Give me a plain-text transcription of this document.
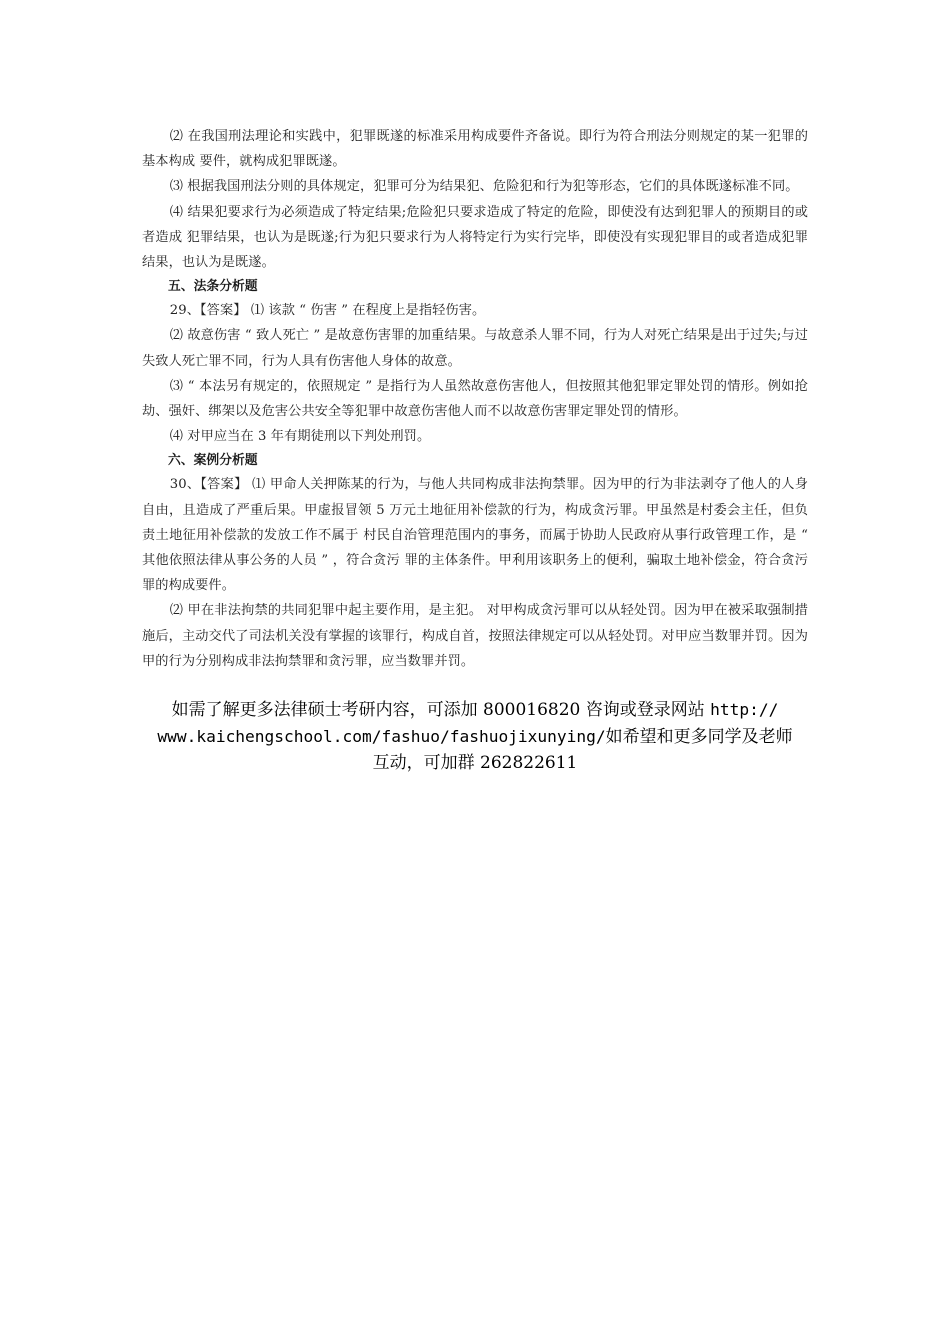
⑵ 在我国刑法理论和实践中，犯罪既遂的标准采用构成要件齐备说。即行为符合刑法分则规定的某一犯罪的基本构成 要件，就构成犯罪既遂。

⑶ 根据我国刑法分则的具体规定，犯罪可分为结果犯、危险犯和行为犯等形态，它们的具体既遂标准不同。

⑷ 结果犯要求行为必须造成了特定结果;危险犯只要求造成了特定的危险，即使没有达到犯罪人的预期目的或者造成 犯罪结果，也认为是既遂;行为犯只要求行为人将特定行为实行完毕，即使没有实现犯罪目的或者造成犯罪结果，也认为是既遂。

五、法条分析题

29、【答案】 ⑴ 该款 “ 伤害 ” 在程度上是指轻伤害。

⑵ 故意伤害 “ 致人死亡 ” 是故意伤害罪的加重结果。与故意杀人罪不同，行为人对死亡结果是出于过失;与过失致人死亡罪不同，行为人具有伤害他人身体的故意。

⑶ “ 本法另有规定的，依照规定 ” 是指行为人虽然故意伤害他人，但按照其他犯罪定罪处罚的情形。例如抢劫、强奸、绑架以及危害公共安全等犯罪中故意伤害他人而不以故意伤害罪定罪处罚的情形。

⑷ 对甲应当在 3 年有期徒刑以下判处刑罚。

六、案例分析题

30、【答案】 ⑴ 甲命人关押陈某的行为，与他人共同构成非法拘禁罪。因为甲的行为非法剥夺了他人的人身自由，且造成了严重后果。甲虚报冒领 5 万元土地征用补偿款的行为，构成贪污罪。甲虽然是村委会主任，但负责土地征用补偿款的发放工作不属于 村民自治管理范围内的事务，而属于协助人民政府从事行政管理工作，是 “ 其他依照法律从事公务的人员 ” ，符合贪污 罪的主体条件。甲利用该职务上的便利，骗取土地补偿金，符合贪污罪的构成要件。

⑵ 甲在非法拘禁的共同犯罪中起主要作用，是主犯。 对甲构成贪污罪可以从轻处罚。因为甲在被采取强制措施后，主动交代了司法机关没有掌握的该罪行，构成自首，按照法律规定可以从轻处罚。对甲应当数罪并罚。因为甲的行为分别构成非法拘禁罪和贪污罪，应当数罪并罚。

如需了解更多法律硕士考研内容，可添加 800016820 咨询或登录网站 http://
www.kaichengschool.com/fashuo/fashuojixunying/如希望和更多同学及老师
互动，可加群 262822611
